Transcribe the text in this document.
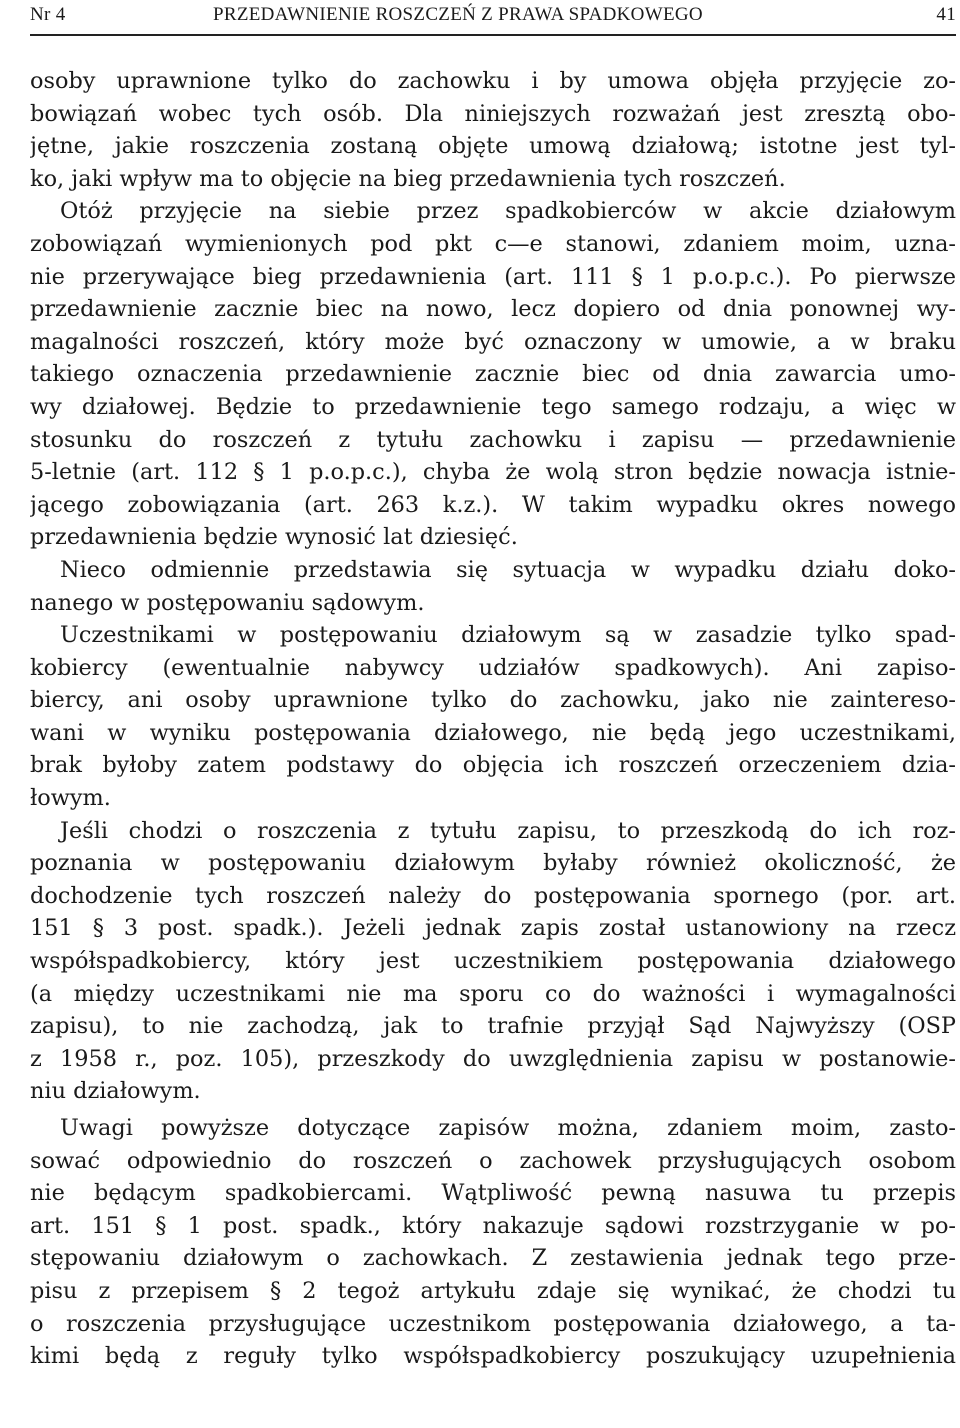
Nr 4	PRZEDAWNIENIE ROSZCZEŃ Z PRAWA SPADKOWEGO	41
osoby uprawnione tylko do zachowku i by umowa objęła przyjęcie zo-
bowiązań wobec tych osób. Dla niniejszych rozważań jest zresztą obo-
jętne, jakie roszczenia zostaną objęte umową działową; istotne jest tyl-
ko, jaki wpływ ma to objęcie na bieg przedawnienia tych roszczeń.
Otóż przyjęcie na siebie przez spadkobierców w akcie działowym
zobowiązań wymienionych pod pkt c—e stanowi, zdaniem moim, uzna-
nie przerywające bieg przedawnienia (art. 111 § 1 p.o.p.c.). Po pierwsze
przedawnienie zacznie biec na nowo, lecz dopiero od dnia ponownej wy-
magalności roszczeń, który może być oznaczony w umowie, a w braku
takiego oznaczenia przedawnienie zacznie biec od dnia zawarcia umo-
wy działowej. Będzie to przedawnienie tego samego rodzaju, a więc w
stosunku do roszczeń z tytułu zachowku i zapisu — przedawnienie
5-letnie (art. 112 § 1 p.o.p.c.), chyba że wolą stron będzie nowacja istnie-
jącego zobowiązania (art. 263 k.z.). W takim wypadku okres nowego
przedawnienia będzie wynosić lat dziesięć.
Nieco odmiennie przedstawia się sytuacja w wypadku działu doko-
nanego w postępowaniu sądowym.
Uczestnikami w postępowaniu działowym są w zasadzie tylko spad-
kobiercy (ewentualnie nabywcy udziałów spadkowych). Ani zapiso-
biercy, ani osoby uprawnione tylko do zachowku, jako nie zaintereso-
wani w wyniku postępowania działowego, nie będą jego uczestnikami,
brak byłoby zatem podstawy do objęcia ich roszczeń orzeczeniem dzia-
łowym.
Jeśli chodzi o roszczenia z tytułu zapisu, to przeszkodą do ich roz-
poznania w postępowaniu działowym byłaby również okoliczność, że
dochodzenie tych roszczeń należy do postępowania spornego (por. art.
151 § 3 post. spadk.). Jeżeli jednak zapis został ustanowiony na rzecz
współspadkobiercy, który jest uczestnikiem postępowania działowego
(a między uczestnikami nie ma sporu co do ważności i wymagalności
zapisu), to nie zachodzą, jak to trafnie przyjął Sąd Najwyższy (OSP
z 1958 r., poz. 105), przeszkody do uwzględnienia zapisu w postanowie-
niu działowym.
Uwagi powyższe dotyczące zapisów można, zdaniem moim, zasto-
sować odpowiednio do roszczeń o zachowek przysługujących osobom
nie będącym spadkobiercami. Wątpliwość pewną nasuwa tu przepis
art. 151 § 1 post. spadk., który nakazuje sądowi rozstrzyganie w po-
stępowaniu działowym o zachowkach. Z zestawienia jednak tego prze-
pisu z przepisem § 2 tegoż artykułu zdaje się wynikać, że chodzi tu
o roszczenia przysługujące uczestnikom postępowania działowego, a ta-
kimi będą z reguły tylko współspadkobiercy poszukujący uzupełnienia
